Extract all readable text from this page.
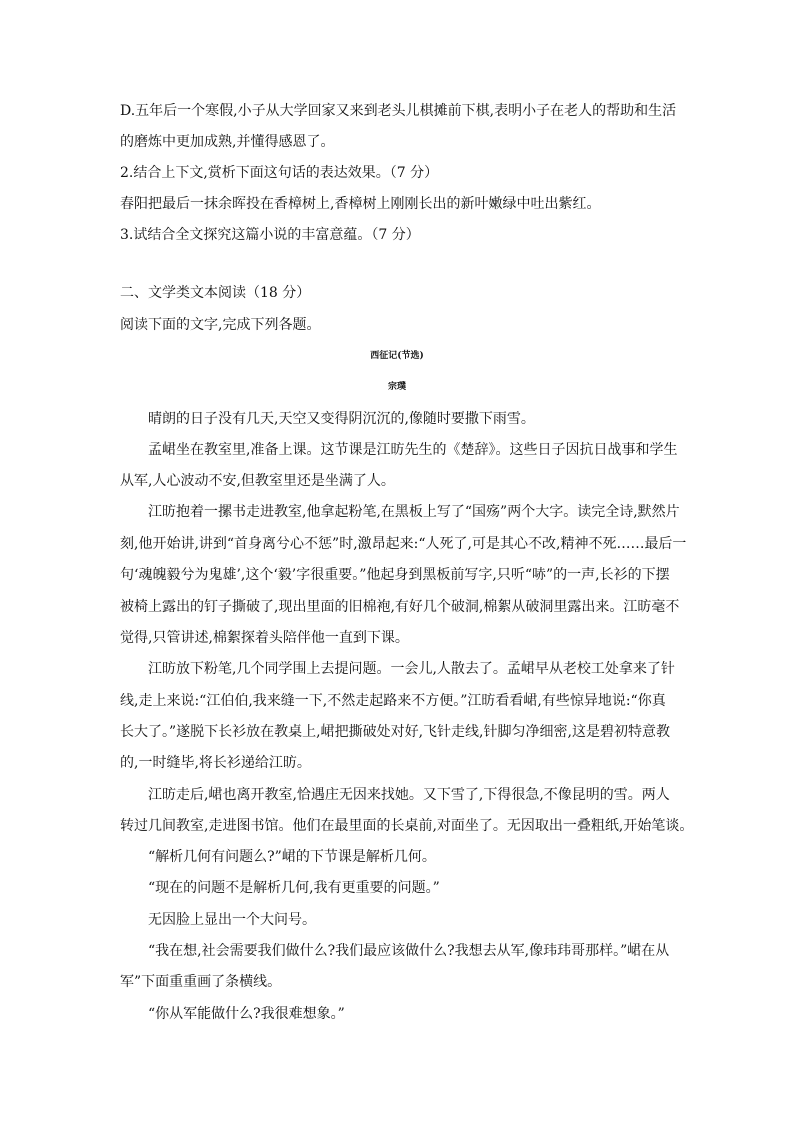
D.五年后一个寒假,小子从大学回家又来到老头儿棋摊前下棋,表明小子在老人的帮助和生活
的磨炼中更加成熟,并懂得感恩了。
2.结合上下文,赏析下面这句话的表达效果。（7 分）
春阳把最后一抹余晖投在香樟树上,香樟树上刚刚长出的新叶嫩绿中吐出紫红。
3.试结合全文探究这篇小说的丰富意蕴。（7 分）
二、文学类文本阅读（18 分）
阅读下面的文字,完成下列各题。
西征记(节选)
宗璞
晴朗的日子没有几天,天空又变得阴沉沉的,像随时要撒下雨雪。
孟峮坐在教室里,准备上课。这节课是江昉先生的《楚辞》。这些日子因抗日战事和学生
从军,人心波动不安,但教室里还是坐满了人。
江昉抱着一摞书走进教室,他拿起粉笔,在黑板上写了“国殇”两个大字。读完全诗,默然片
刻,他开始讲,讲到“首身离兮心不惩”时,激昂起来:“人死了,可是其心不改,精神不死……最后一
句‘魂魄毅兮为鬼雄’,这个‘毅’字很重要。”他起身到黑板前写字,只听“哧”的一声,长衫的下摆
被椅上露出的钉子撕破了,现出里面的旧棉袍,有好几个破洞,棉絮从破洞里露出来。江昉毫不
觉得,只管讲述,棉絮探着头陪伴他一直到下课。
江昉放下粉笔,几个同学围上去提问题。一会儿,人散去了。孟峮早从老校工处拿来了针
线,走上来说:“江伯伯,我来缝一下,不然走起路来不方便。”江昉看看峮,有些惊异地说:“你真
长大了。”遂脱下长衫放在教桌上,峮把撕破处对好,飞针走线,针脚匀净细密,这是碧初特意教
的,一时缝毕,将长衫递给江昉。
江昉走后,峮也离开教室,恰遇庄无因来找她。又下雪了,下得很急,不像昆明的雪。两人
转过几间教室,走进图书馆。他们在最里面的长桌前,对面坐了。无因取出一叠粗纸,开始笔谈。
“解析几何有问题么?”峮的下节课是解析几何。
“现在的问题不是解析几何,我有更重要的问题。”
无因脸上显出一个大问号。
“我在想,社会需要我们做什么?我们最应该做什么?我想去从军,像玮玮哥那样。”峮在从
军”下面重重画了条横线。
“你从军能做什么?我很难想象。”
